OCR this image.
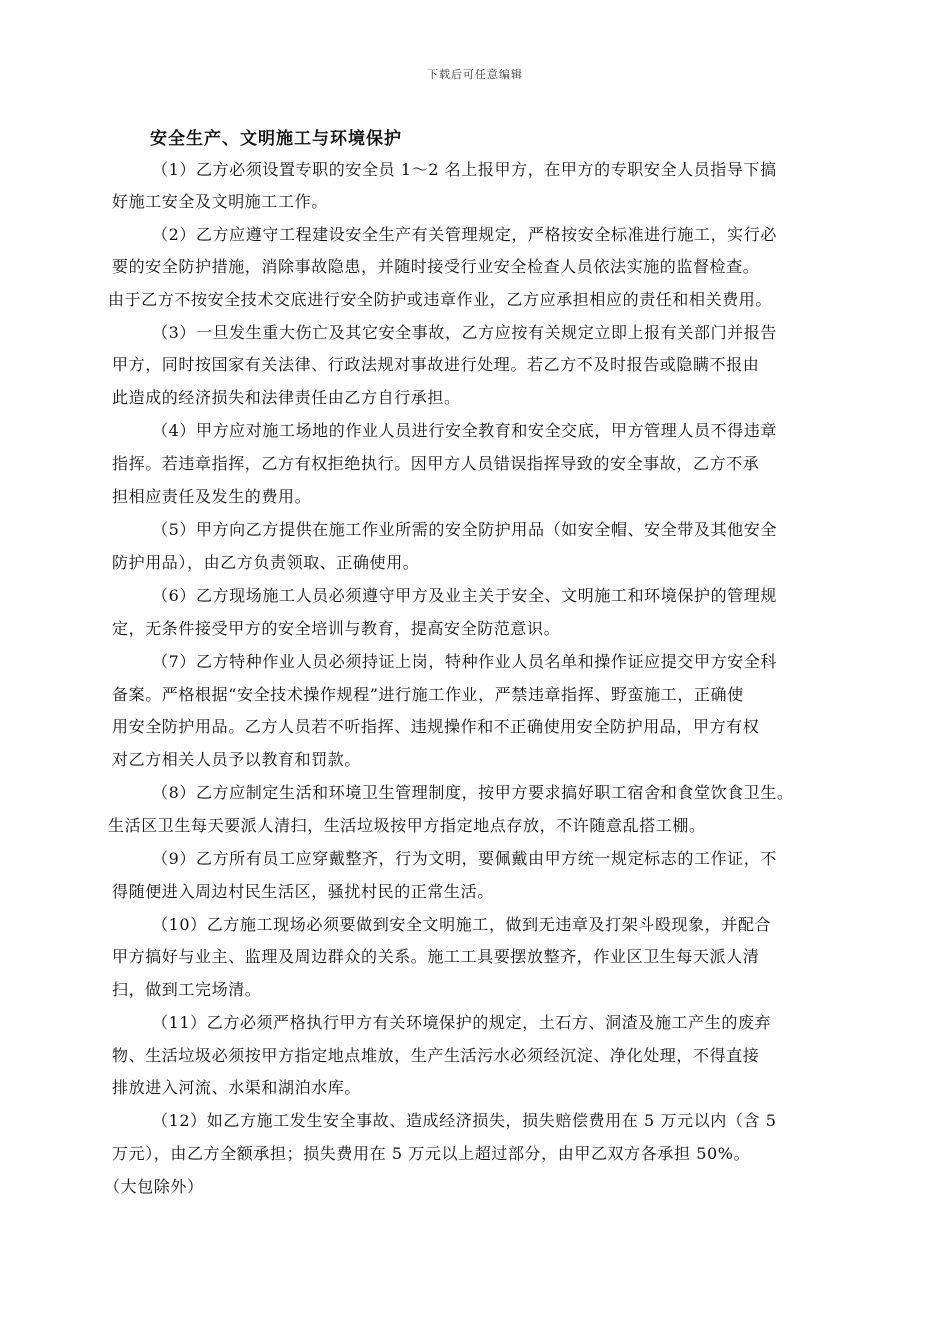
下载后可任意编辑
安全生产、文明施工与环境保护
（1）乙方必须设置专职的安全员 1～2 名上报甲方，在甲方的专职安全人员指导下搞
好施工安全及文明施工工作。
（2）乙方应遵守工程建设安全生产有关管理规定，严格按安全标准进行施工，实行必
要的安全防护措施，消除事故隐患，并随时接受行业安全检查人员依法实施的监督检查。
由于乙方不按安全技术交底进行安全防护或违章作业，乙方应承担相应的责任和相关费用。
（3）一旦发生重大伤亡及其它安全事故，乙方应按有关规定立即上报有关部门并报告
甲方，同时按国家有关法律、行政法规对事故进行处理。若乙方不及时报告或隐瞒不报由
此造成的经济损失和法律责任由乙方自行承担。
（4）甲方应对施工场地的作业人员进行安全教育和安全交底，甲方管理人员不得违章
指挥。若违章指挥，乙方有权拒绝执行。因甲方人员错误指挥导致的安全事故，乙方不承
担相应责任及发生的费用。
（5）甲方向乙方提供在施工作业所需的安全防护用品（如安全帽、安全带及其他安全
防护用品），由乙方负责领取、正确使用。
（6）乙方现场施工人员必须遵守甲方及业主关于安全、文明施工和环境保护的管理规
定，无条件接受甲方的安全培训与教育，提高安全防范意识。
（7）乙方特种作业人员必须持证上岗，特种作业人员名单和操作证应提交甲方安全科
备案。严格根据“安全技术操作规程”进行施工作业，严禁违章指挥、野蛮施工，正确使
用安全防护用品。乙方人员若不听指挥、违规操作和不正确使用安全防护用品，甲方有权
对乙方相关人员予以教育和罚款。
（8）乙方应制定生活和环境卫生管理制度，按甲方要求搞好职工宿舍和食堂饮食卫生。
生活区卫生每天要派人清扫，生活垃圾按甲方指定地点存放，不许随意乱搭工棚。
（9）乙方所有员工应穿戴整齐，行为文明，要佩戴由甲方统一规定标志的工作证，不
得随便进入周边村民生活区，骚扰村民的正常生活。
（10）乙方施工现场必须要做到安全文明施工，做到无违章及打架斗殴现象，并配合
甲方搞好与业主、监理及周边群众的关系。施工工具要摆放整齐，作业区卫生每天派人清
扫，做到工完场清。
（11）乙方必须严格执行甲方有关环境保护的规定，土石方、洞渣及施工产生的废弃
物、生活垃圾必须按甲方指定地点堆放，生产生活污水必须经沉淀、净化处理，不得直接
排放进入河流、水渠和湖泊水库。
（12）如乙方施工发生安全事故、造成经济损失，损失赔偿费用在 5 万元以内（含 5
万元），由乙方全额承担；损失费用在 5 万元以上超过部分，由甲乙双方各承担 50%。
（大包除外）
